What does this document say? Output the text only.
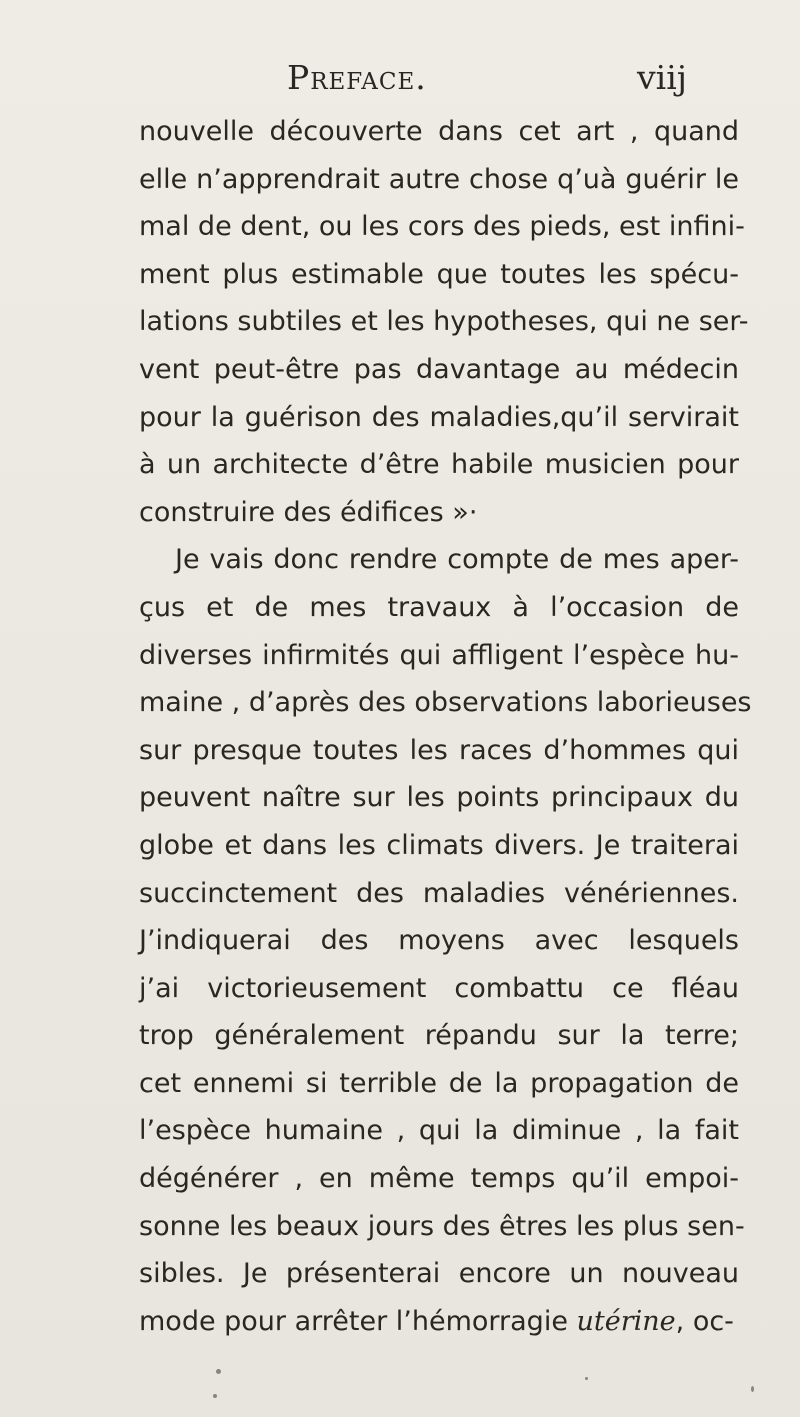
Preface.	viij
nouvelle découverte dans cet art , quand
elle n’apprendrait autre chose q’uà guérir le
mal de dent, ou les cors des pieds, est infini-
ment plus estimable que toutes les spécu-
lations subtiles et les hypotheses, qui ne ser-
vent peut-être pas davantage au médecin
pour la guérison des maladies,qu’il servirait
à un architecte d’être habile musicien pour
construire des édifices »·
Je vais donc rendre compte de mes aper-
çus et de mes travaux à l’occasion de
diverses infirmités qui affligent l’espèce hu-
maine , d’après des observations laborieuses
sur presque toutes les races d’hommes qui
peuvent naître sur les points principaux du
globe et dans les climats divers. Je traiterai
succinctement des maladies vénériennes.
J’indiquerai des moyens avec lesquels
j’ai victorieusement combattu ce fléau
trop généralement répandu sur la terre;
cet ennemi si terrible de la propagation de
l’espèce humaine , qui la diminue , la fait
dégénérer , en même temps qu’il empoi-
sonne les beaux jours des êtres les plus sen-
sibles. Je présenterai encore un nouveau
mode pour arrêter l’hémorragie utérine, oc-
